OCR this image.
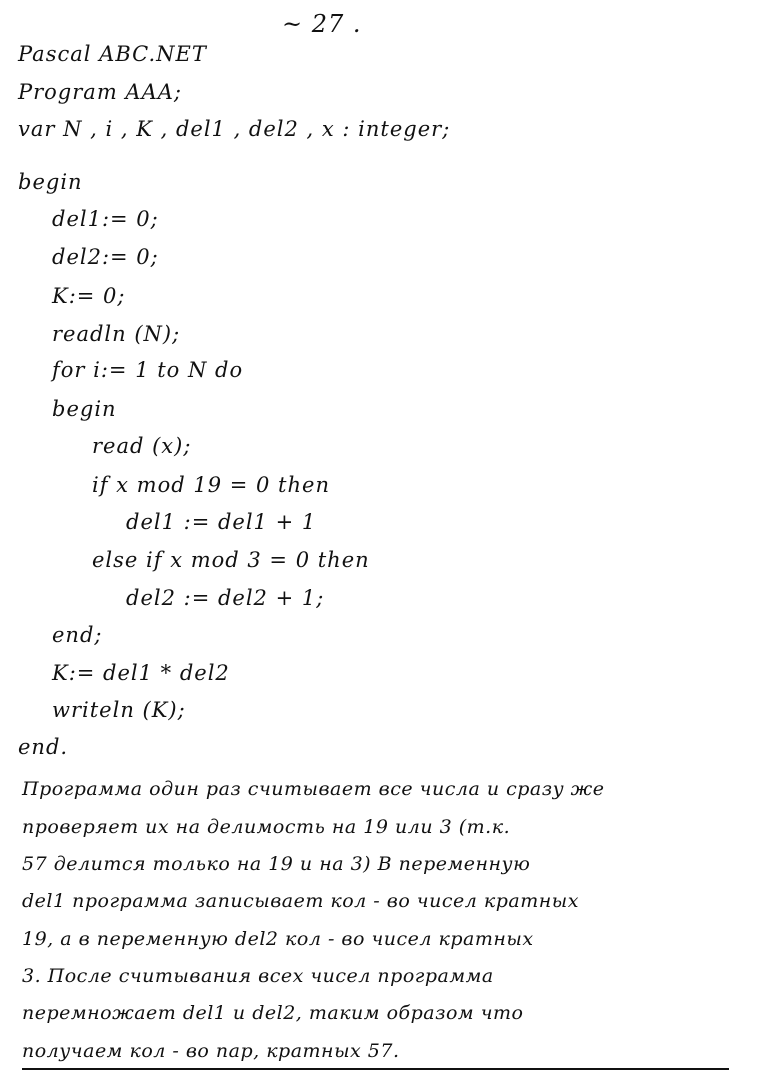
~ 27 .
Pascal ABC.NET
Program AAA;
var N , i , K , del1 , del2 , x : integer;
begin
del1:= 0;
del2:= 0;
K:= 0;
readln (N);
for i:= 1 to N do
begin
read (x);
if x mod 19 = 0 then
del1 := del1 + 1
else if x mod 3 = 0 then
del2 := del2 + 1;
end;
K:= del1 * del2
writeln (K);
end.
Программа один раз считывает все числа и сразу же
проверяет их на делимость на 19 или 3 (т.к.
57 делится только на 19 и на 3) В переменную
del1 программа записывает кол - во чисел кратных
19, а в переменную del2 кол - во чисел кратных
3. После считывания всех чисел программа
перемножает del1 и del2, таким образом что
получаем кол - во пар, кратных 57.
